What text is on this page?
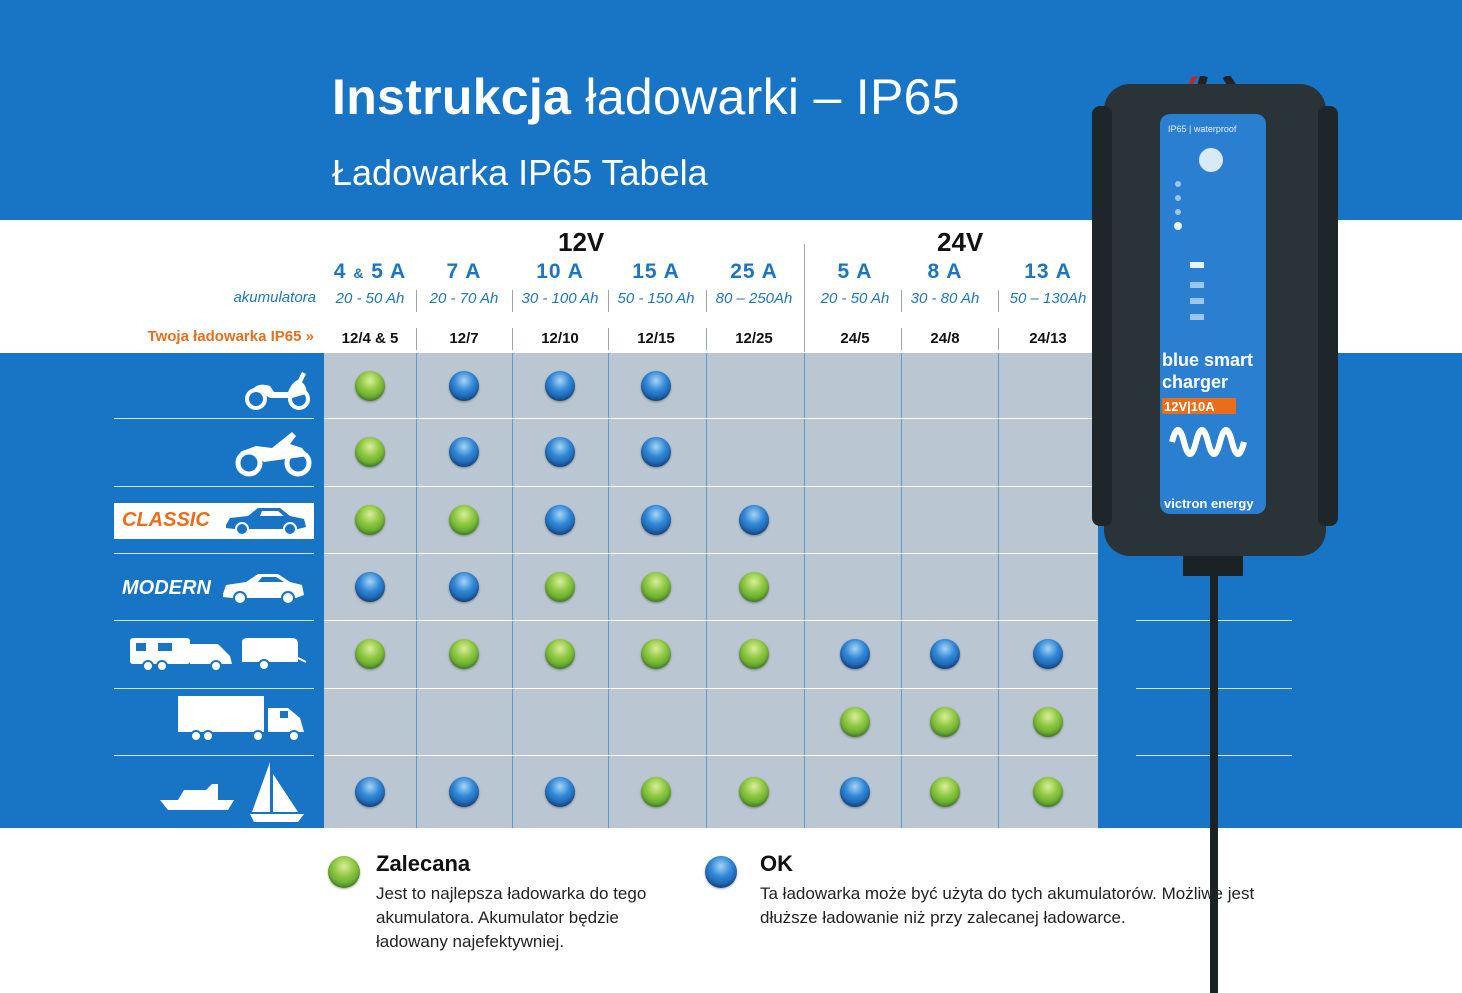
Instrukcja ładowarki – IP65
Ładowarka IP65 Tabela
12V	24V
akumulatora
Twoja ładowarka IP65 »
4 & 5 A
20 - 50 Ah
12/4 & 5
7 A
20 - 70 Ah
12/7
10 A
30 - 100 Ah
12/10
15 A
50 - 150 Ah
12/15
25 A
80 – 250Ah
12/25
5 A
20 - 50 Ah
24/5
8 A
30 - 80 Ah
24/8
13 A
50 – 130Ah
24/13
CLASSIC
MODERN
IP65 | waterproof
blue smart
charger
12V|10A
victron energy
Zalecana
Jest to najlepsza ładowarka do tego
akumulatora. Akumulator będzie
ładowany najefektywniej.
OK
Ta ładowarka może być użyta do tych akumulatorów. Możliwe jest
dłuższe ładowanie niż przy zalecanej ładowarce.
